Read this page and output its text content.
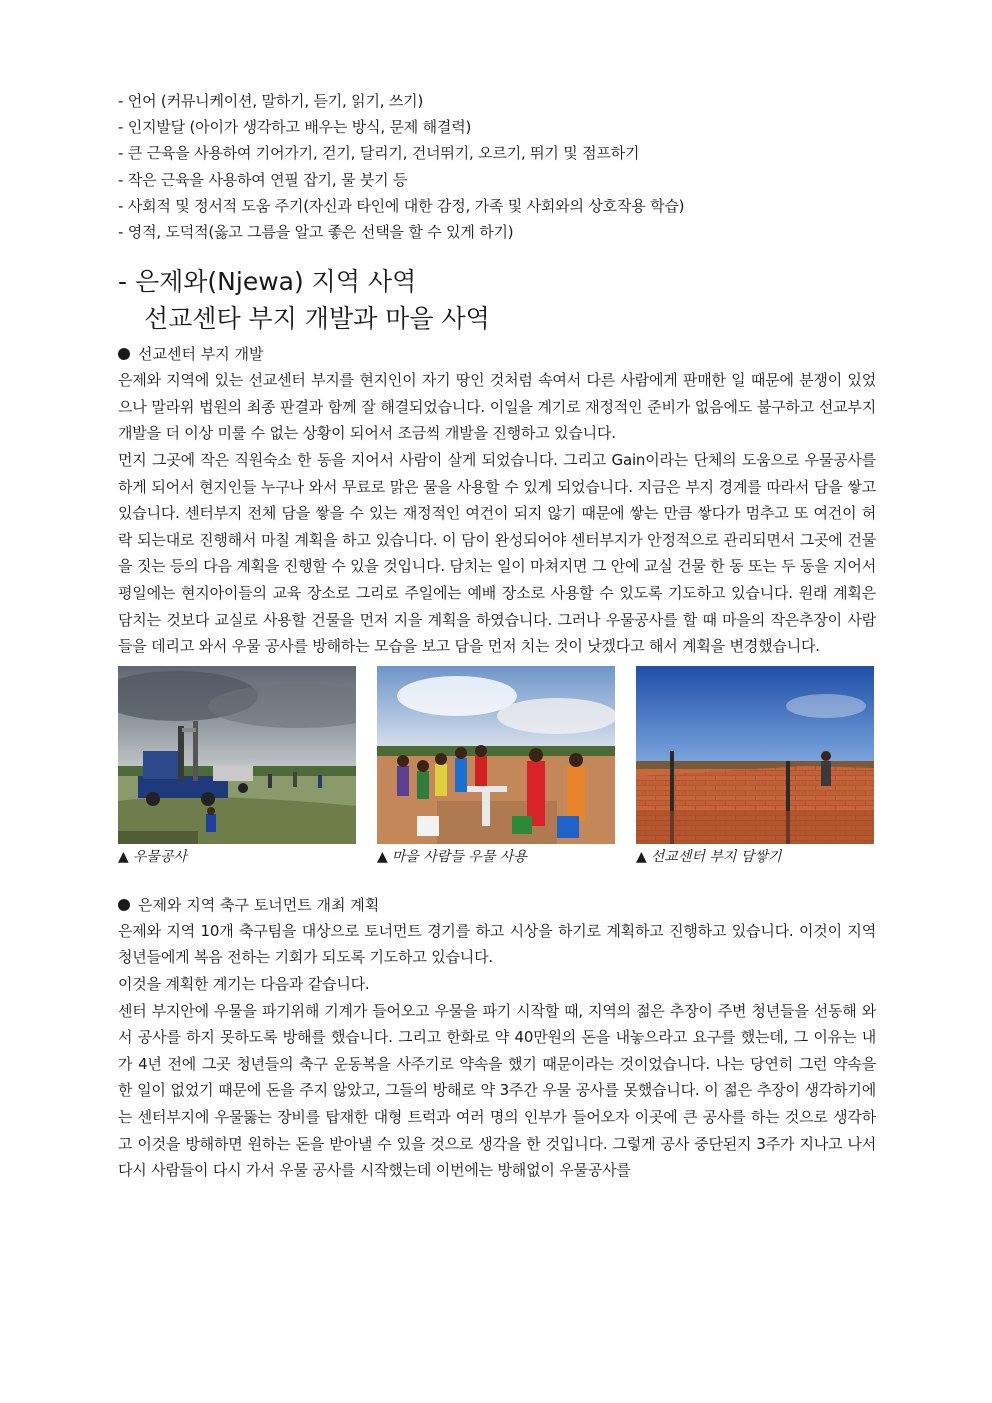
- 언어 (커뮤니케이션, 말하기, 듣기, 읽기, 쓰기)
- 인지발달 (아이가 생각하고 배우는 방식, 문제 해결력)
- 큰 근육을 사용하여 기어가기, 걷기, 달리기, 건너뛰기, 오르기, 뛰기 및 점프하기
- 작은 근육을 사용하여 연필 잡기, 물 붓기 등
- 사회적 및 정서적 도움 주기(자신과 타인에 대한 감정, 가족 및 사회와의 상호작용 학습)
- 영적, 도덕적(옳고 그름을 알고 좋은 선택을 할 수 있게 하기)
- 은제와(Njewa) 지역 사역
선교센타 부지 개발과 마을 사역
선교센터 부지 개발

은제와 지역에 있는 선교센터 부지를 현지인이 자기 땅인 것처럼 속여서 다른 사람에게 판매한 일 때문에 분쟁이 있었으나 말라위 법원의 최종 판결과 함께 잘 해결되었습니다. 이일을 계기로 재정적인 준비가 없음에도 불구하고 선교부지 개발을 더 이상 미룰 수 없는 상황이 되어서 조금씩 개발을 진행하고 있습니다.

먼지 그곳에 작은 직원숙소 한 동을 지어서 사람이 살게 되었습니다. 그리고 Gain이라는 단체의 도움으로 우물공사를 하게 되어서 현지인들 누구나 와서 무료로 맑은 물을 사용할 수 있게 되었습니다. 지금은 부지 경계를 따라서 담을 쌓고 있습니다. 센터부지 전체 담을 쌓을 수 있는 재정적인 여건이 되지 않기 때문에 쌓는 만큼 쌓다가 멈추고 또 여건이 허락 되는대로 진행해서 마칠 계획을 하고 있습니다. 이 담이 완성되어야 센터부지가 안정적으로 관리되면서 그곳에 건물을 짓는 등의 다음 계획을 진행할 수 있을 것입니다. 담치는 일이 마쳐지면 그 안에 교실 건물 한 동 또는 두 동을 지어서 평일에는 현지아이들의 교육 장소로 그리로 주일에는 예배 장소로 사용할 수 있도록 기도하고 있습니다. 원래 계획은 담치는 것보다 교실로 사용할 건물을 먼저 지을 계획을 하였습니다. 그러나 우물공사를 할 때 마을의 작은추장이 사람들을 데리고 와서 우물 공사를 방해하는 모습을 보고 담을 먼저 치는 것이 낫겠다고 해서 계획을 변경했습니다.

▲ 우물공사	▲ 마을 사람들 우물 사용	▲ 선교센터 부지 담쌓기
은제와 지역 축구 토너먼트 개최 계획

은제와 지역 10개 축구팀을 대상으로 토너먼트 경기를 하고 시상을 하기로 계획하고 진행하고 있습니다. 이것이 지역 청년들에게 복음 전하는 기회가 되도록 기도하고 있습니다.

이것을 계획한 계기는 다음과 같습니다.

센터 부지안에 우물을 파기위해 기계가 들어오고 우물을 파기 시작할 때, 지역의 젊은 추장이 주변 청년들을 선동해 와서 공사를 하지 못하도록 방해를 했습니다. 그리고 한화로 약 40만원의 돈을 내놓으라고 요구를 했는데, 그 이유는 내가 4년 전에 그곳 청년들의 축구 운동복을 사주기로 약속을 했기 때문이라는 것이었습니다. 나는 당연히 그런 약속을 한 일이 없었기 때문에 돈을 주지 않았고, 그들의 방해로 약 3주간 우물 공사를 못했습니다. 이 젊은 추장이 생각하기에는 센터부지에 우물뚫는 장비를 탑재한 대형 트럭과 여러 명의 인부가 들어오자 이곳에 큰 공사를 하는 것으로 생각하고 이것을 방해하면 원하는 돈을 받아낼 수 있을 것으로 생각을 한 것입니다. 그렇게 공사 중단된지 3주가 지나고 나서 다시 사람들이 다시 가서 우물 공사를 시작했는데 이번에는 방해없이 우물공사를
